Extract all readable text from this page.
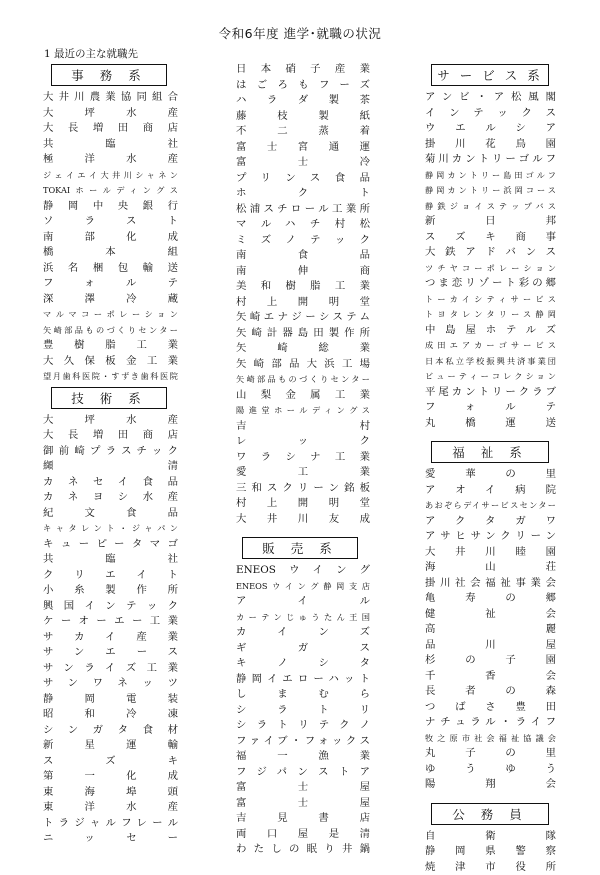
令和6年度 進学･就職の状況
1 最近の主な就職先
事 務 系
大井川農業協同組合
大坪水産
大長増田商店
共臨社
極洋水産
ジェイエイ大井川シャネン
TOKAIホールディングス
静岡中央銀行
ソラスト
南部化成
橋本組
浜名梱包輸送
フォルテ
深澤冷蔵
マルマコーポレーション
矢崎部品ものづくりセンター
豊樹脂工業
大久保板金工業
望月歯科医院・すずき歯科医院
技 術 系
大坪水産
大長増田商店
御前崎プラスチック
纐清
カネセイ食品
カネヨシ水産
紀文食品
キャタレント・ジャパン
キューピータマゴ
共臨社
クリエイト
小糸製作所
興国インテック
ケーオーエー工業
サカイ産業
サンエース
サンライズ工業
サンワネッツ
静岡電装
昭和冷凍
シンガタ食材
新星運輸
スズキ
第一化成
東海埠頭
東洋水産
トラジャルフレール
ニッセー
日本硝子産業
はごろもフーズ
ハラダ製茶
藤枝製紙
不二蒸着
富士宮通運
富士冷
プリンス食品
ホクト
松浦スチロール工業所
マルハチ村松
ミズノテック
南食品
南伸商
美和樹脂工業
村上開明堂
矢崎エナジーシステム
矢崎計器島田製作所
矢崎総業
矢崎部品大浜工場
矢崎部品ものづくりセンター
山梨金属工業
陽進堂ホールディングス
吉村
レック
ワラシナ工業
愛工業
三和スクリーン銘板
村上開明堂
大井川友成
販 売 系
ENEOSウイング
ENEOSウイング静岡支店
アイル
カーテンじゅうたん王国
カインズ
ギガス
キノシタ
静岡イエローハット
しまむら
シラトリ
シラトリテクノ
ファイブ・フォックス
福一漁業
フジパンストア
富士屋
富士屋
吉見書店
両口屋是清
わたしの眠り井鍋
サ ー ビ ス 系
アンビ・ア松風閣
インテックス
ウエルシア
掛川花鳥園
菊川カントリーゴルフ
静岡カントリー島田ゴルフ
静岡カントリー浜岡コース
静鉄ジョイステップバス
新日邦
スズキ商事
大鉄アドバンス
ツチヤコーポレーション
つま恋リゾート彩の郷
トーカイシティサービス
トヨタレンタリース静岡
中島屋ホテルズ
成田エアカーゴサービス
日本私立学校振興共済事業団
ビューティーコレクション
平尾カントリークラブ
フォルテ
丸橋運送
福 祉 系
愛華の里
アオイ病院
あおぞらデイサービスセンター
アクタガワ
アサヒサンクリーン
大井川睦園
海山荘
掛川社会福祉事業会
亀寿の郷
健祉会
高麗
品川屋
杉の子園
千香会
長者の森
つばさ豊田
ナチュラル・ライフ
牧之原市社会福祉協議会
丸子の里
ゆうゆう
陽翔会
公 務 員
自衛隊
静岡県警察
焼津市役所
